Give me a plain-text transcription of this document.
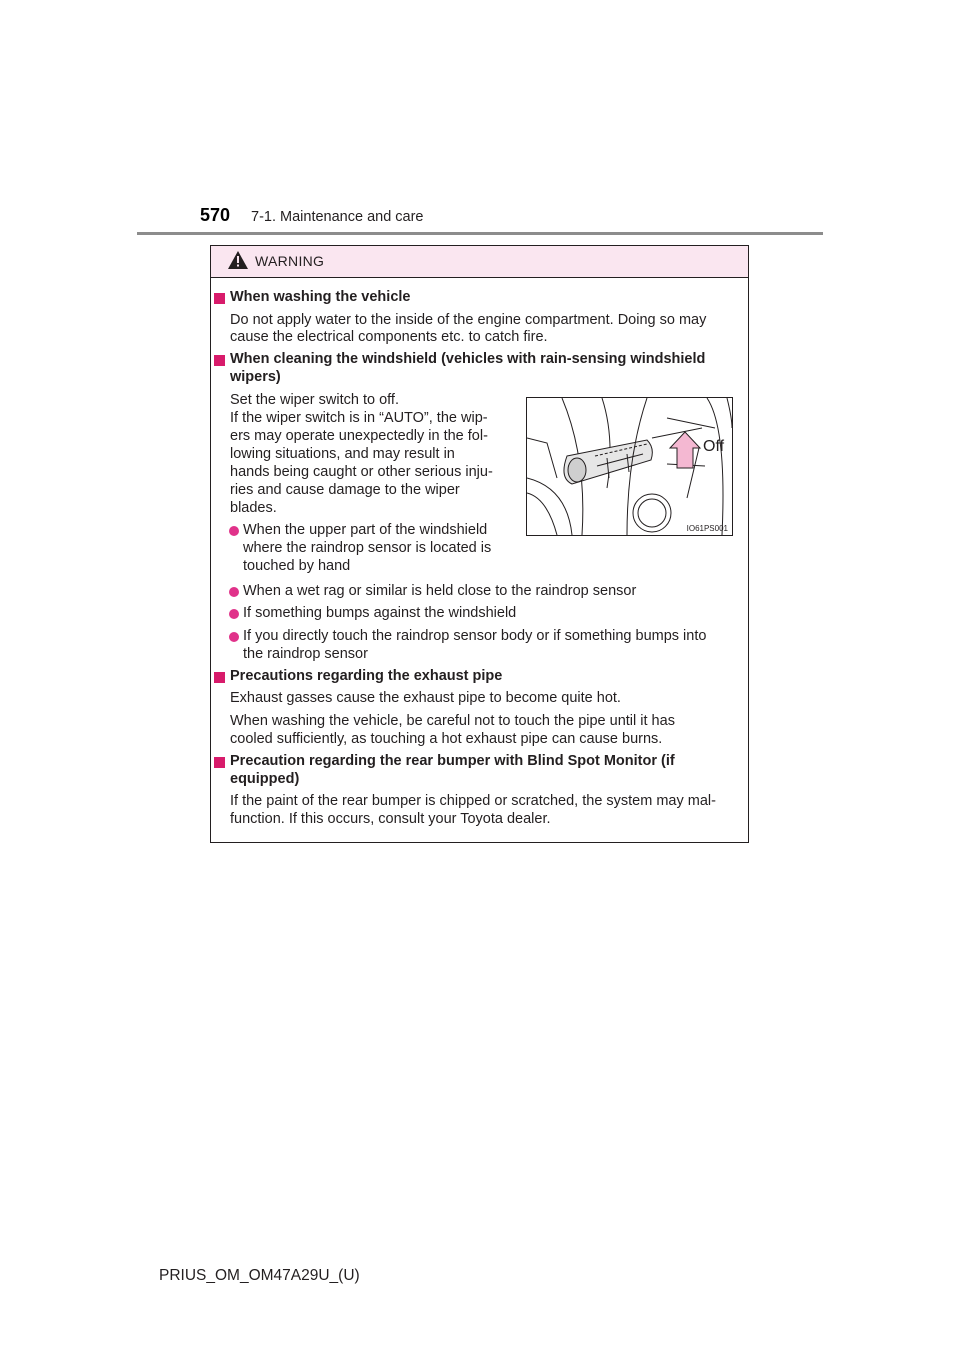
570 7-1. Maintenance and care
WARNING
When washing the vehicle
Do not apply water to the inside of the engine compartment. Doing so may
cause the electrical components etc. to catch fire.
When cleaning the windshield (vehicles with rain-sensing windshield
wipers)
Set the wiper switch to off.
If the wiper switch is in “AUTO”, the wip-
ers may operate unexpectedly in the fol-
lowing situations, and may result in
hands being caught or other serious inju-
ries and cause damage to the wiper
blades.
When the upper part of the windshield
where the raindrop sensor is located is
touched by hand
When a wet rag or similar is held close to the raindrop sensor
If something bumps against the windshield
If you directly touch the raindrop sensor body or if something bumps into
the raindrop sensor
Precautions regarding the exhaust pipe
Exhaust gasses cause the exhaust pipe to become quite hot.
When washing the vehicle, be careful not to touch the pipe until it has
cooled sufficiently, as touching a hot exhaust pipe can cause burns.
Precaution regarding the rear bumper with Blind Spot Monitor (if
equipped)
If the paint of the rear bumper is chipped or scratched, the system may mal-
function. If this occurs, consult your Toyota dealer.
Off
IO61PS001
PRIUS_OM_OM47A29U_(U)
